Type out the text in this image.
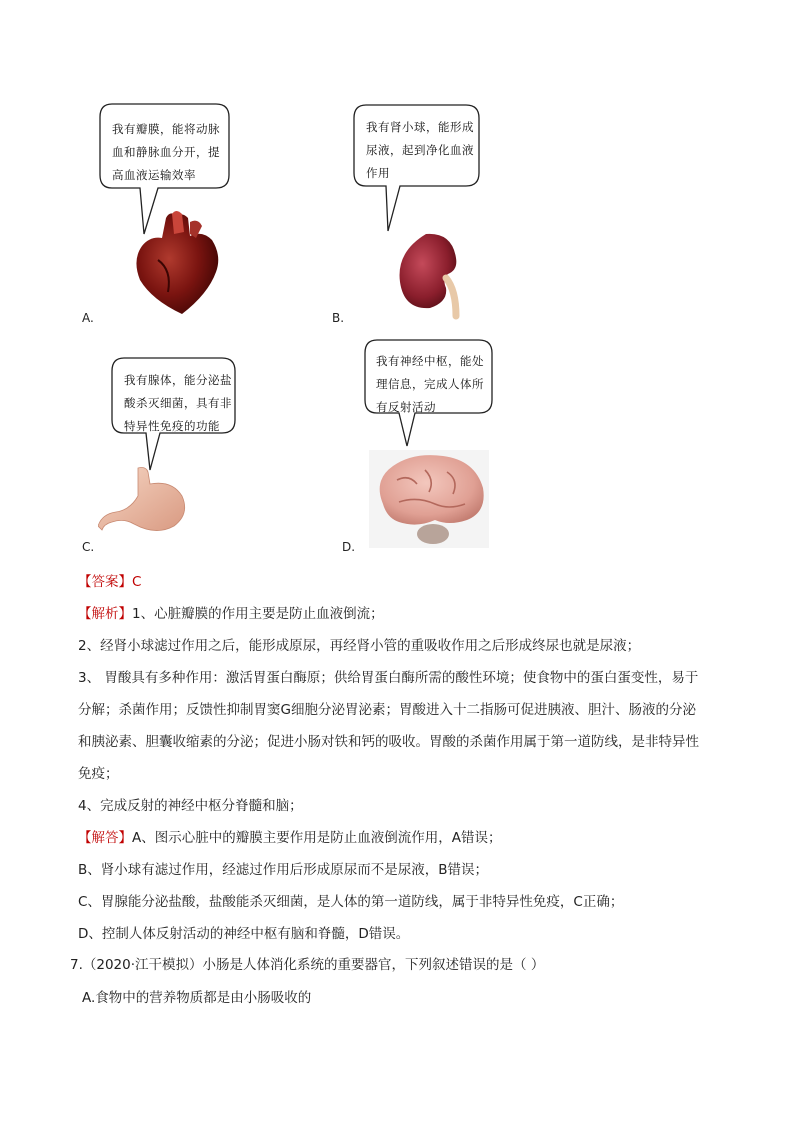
我有瓣膜，能将动脉
血和静脉血分开，提
高血液运输效率
A.
我有肾小球，能形成
尿液，起到净化血液
作用
B.
我有腺体，能分泌盐
酸杀灭细菌，具有非
特异性免疫的功能
C.
我有神经中枢，能处
理信息，完成人体所
有反射活动
D.
【答案】C
【解析】1、心脏瓣膜的作用主要是防止血液倒流；
2、经肾小球滤过作用之后，能形成原尿，再经肾小管的重吸收作用之后形成终尿也就是尿液；
3、 胃酸具有多种作用：激活胃蛋白酶原；供给胃蛋白酶所需的酸性环境；使食物中的蛋白蛋变性，易于
分解；杀菌作用；反馈性抑制胃窦G细胞分泌胃泌素；胃酸进入十二指肠可促进胰液、胆汁、肠液的分泌
和胰泌素、胆囊收缩素的分泌；促进小肠对铁和钙的吸收。胃酸的杀菌作用属于第一道防线，是非特异性
免疫；
4、完成反射的神经中枢分脊髓和脑；
【解答】A、图示心脏中的瓣膜主要作用是防止血液倒流作用，A错误；
B、肾小球有滤过作用，经滤过作用后形成原尿而不是尿液，B错误；
C、胃腺能分泌盐酸，盐酸能杀灭细菌，是人体的第一道防线，属于非特异性免疫，C正确；
D、控制人体反射活动的神经中枢有脑和脊髓，D错误。
7.（2020·江干模拟）小肠是人体消化系统的重要器官，下列叙述错误的是（ ）
A.食物中的营养物质都是由小肠吸收的
